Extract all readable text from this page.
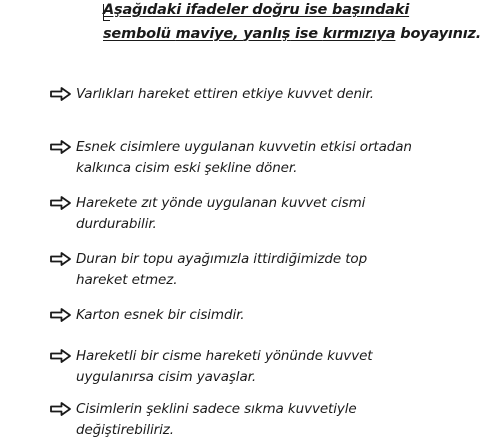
Aşağıdaki ifadeler doğru ise başındaki
sembolü maviye, yanlış ise kırmızıya boyayınız.
Varlıkları hareket ettiren etkiye kuvvet denir.
Esnek cisimlere uygulanan kuvvetin etkisi ortadan kalkınca cisim eski şekline döner.
Harekete zıt yönde uygulanan kuvvet cismi durdurabilir.
Duran bir topu ayağımızla ittirdiğimizde top hareket etmez.
Karton esnek bir cisimdir.
Hareketli bir cisme hareketi yönünde kuvvet uygulanırsa cisim yavaşlar.
Cisimlerin şeklini sadece sıkma kuvvetiyle değiştirebiliriz.
